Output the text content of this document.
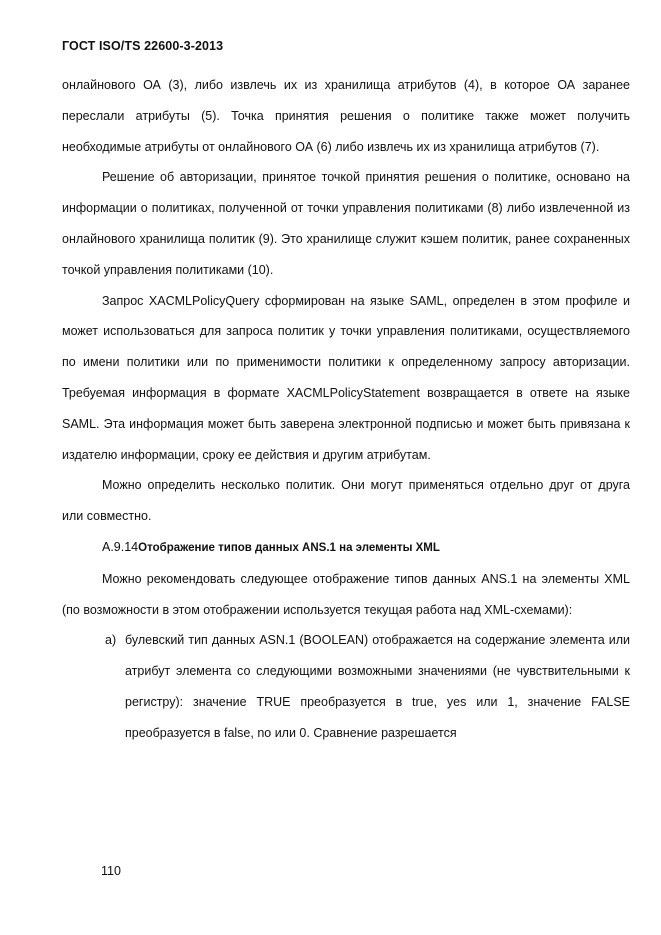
ГОСТ ISO/TS 22600-3-2013

онлайнового ОА (3), либо извлечь их из хранилища атрибутов (4), в которое ОА заранее переслали атрибуты (5). Точка принятия решения о политике также может получить необходимые атрибуты от онлайнового ОА (6) либо извлечь их из хранилища атрибутов (7).

Решение об авторизации, принятое точкой принятия решения о политике, основано на информации о политиках, полученной от точки управления политиками (8) либо извлеченной из онлайнового хранилища политик (9). Это хранилище служит кэшем политик, ранее сохраненных точкой управления политиками (10).

Запрос XACMLPolicyQuery сформирован на языке SAML, определен в этом профиле и может использоваться для запроса политик у точки управления политиками, осуществляемого по имени политики или по применимости политики к определенному запросу авторизации. Требуемая информация в формате XACMLPolicyStatement возвращается в ответе на языке SAML. Эта информация может быть заверена электронной подписью и может быть привязана к издателю информации, сроку ее действия и другим атрибутам.

Можно определить несколько политик. Они могут применяться отдельно друг от друга или совместно.

A.9.14Отображение типов данных ANS.1 на элементы XML

Можно рекомендовать следующее отображение типов данных ANS.1 на элементы XML (по возможности в этом отображении используется текущая работа над XML-схемами):

а) булевский тип данных ASN.1 (BOOLEAN) отображается на содержание элемента или атрибут элемента со следующими возможными значениями (не чувствительными к регистру): значение TRUE преобразуется в true, yes или 1, значение FALSE преобразуется в false, no или 0. Сравнение разрешается

110
